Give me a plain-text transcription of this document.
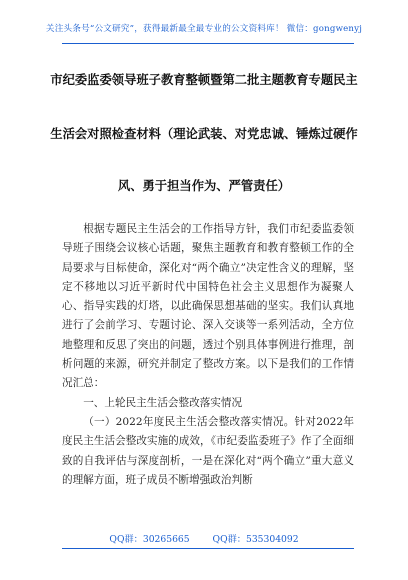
关注头条号“公文研究”，获得最新最全最专业的公文资料库！ 微信：gongwenyj
市纪委监委领导班子教育整顿暨第二批主题教育专题民主
生活会对照检查材料（理论武装、对党忠诚、锤炼过硬作
风、勇于担当作为、严管责任）

根据专题民主生活会的工作指导方针，我们市纪委监委领导班子围绕会议核心话题，聚焦主题教育和教育整顿工作的全局要求与目标使命，深化对“两个确立”决定性含义的理解，坚定不移地以习近平新时代中国特色社会主义思想作为凝聚人心、指导实践的灯塔，以此确保思想基础的坚实。我们认真地进行了会前学习、专题讨论、深入交谈等一系列活动，全方位地整理和反思了突出的问题，透过个别具体事例进行推理，剖析问题的来源，研究并制定了整改方案。以下是我们的工作情况汇总：

一、上轮民主生活会整改落实情况

（一）2022年度民主生活会整改落实情况。针对2022年度民主生活会整改实施的成效，《市纪委监委班子》作了全面细致的自我评估与深度剖析，一是在深化对“两个确立”重大意义的理解方面，班子成员不断增强政治判断

QQ群：30265665 QQ群：535304092
